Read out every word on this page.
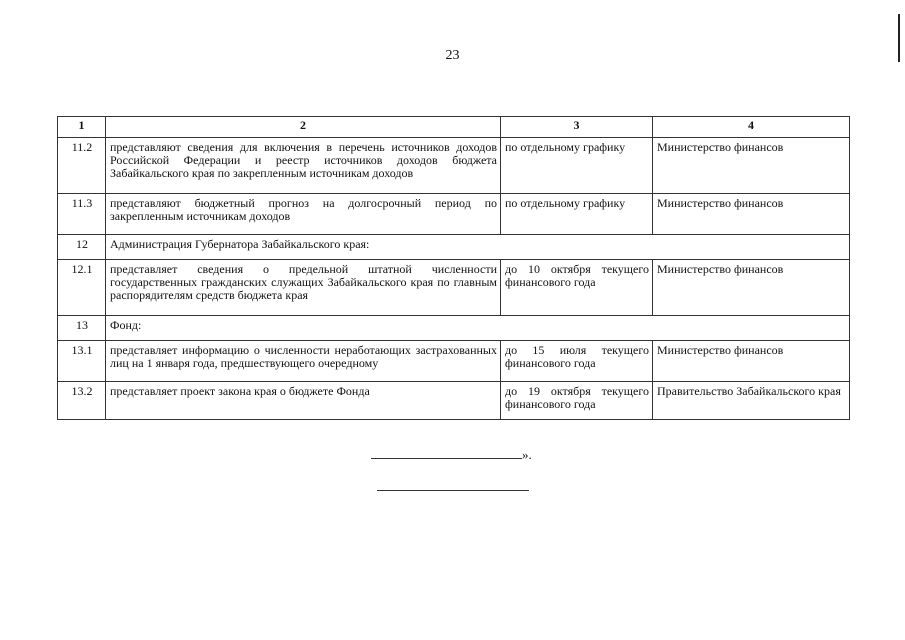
23
1	2	3	4
11.2	представляют сведения для включения в перечень источников доходов Российской Федерации и реестр источников доходов бюджета Забайкальского края по закрепленным источникам доходов	по отдельному графику	Министерство финансов
11.3	представляют бюджетный прогноз на долгосрочный период по закрепленным источникам доходов	по отдельному графику	Министерство финансов
12	Администрация Губернатора Забайкальского края:		
12.1	представляет сведения о предельной штатной численности государственных гражданских служащих Забайкальского края по главным распорядителям средств бюджета края	до 10 октября текущего финансового года	Министерство финансов
13	Фонд:		
13.1	представляет информацию о численности неработающих застрахованных лиц на 1 января года, предшествующего очередному	до 15 июля текущего финансового года	Министерство финансов
13.2	представляет проект закона края о бюджете Фонда	до 19 октября текущего финансового года	Правительство Забайкальского края
».
